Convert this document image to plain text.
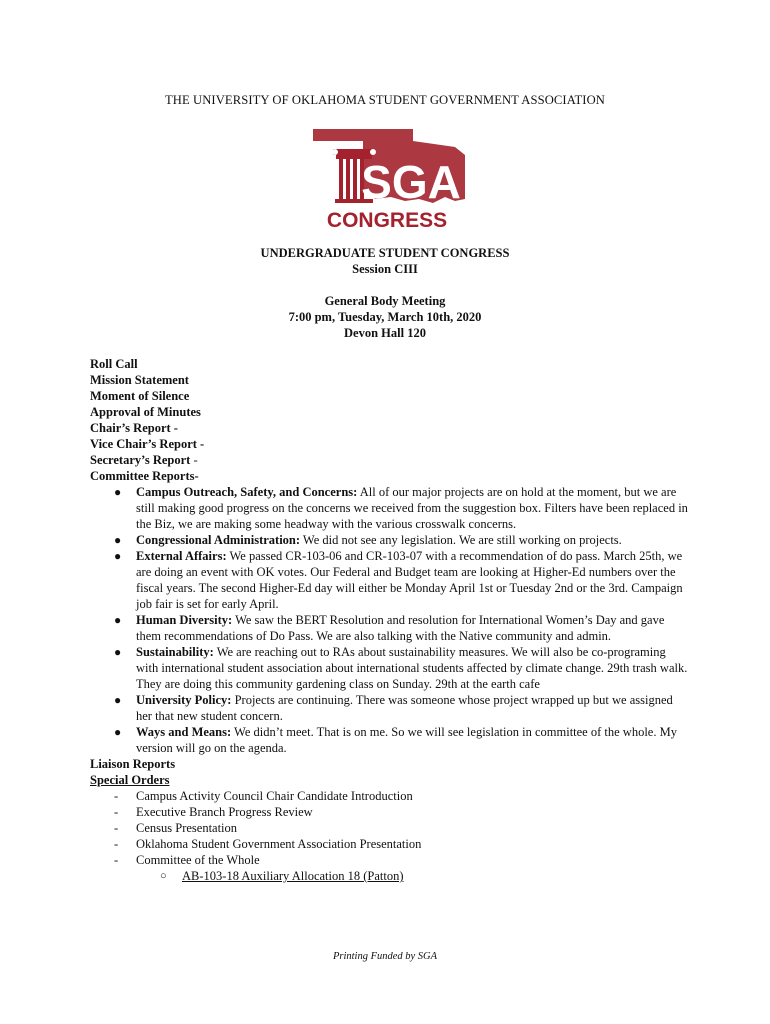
THE UNIVERSITY OF OKLAHOMA STUDENT GOVERNMENT ASSOCIATION
SGA
CONGRESS
UNDERGRADUATE STUDENT CONGRESS
Session CIII
General Body Meeting
7:00 pm, Tuesday, March 10th, 2020
Devon Hall 120
Roll Call
Mission Statement
Moment of Silence
Approval of Minutes
Chair’s Report -
Vice Chair’s Report -
Secretary’s Report -
Committee Reports-
● Campus Outreach, Safety, and Concerns: All of our major projects are on hold at the moment, but we are still making good progress on the concerns we received from the suggestion box. Filters have been replaced in the Biz, we are making some headway with the various crosswalk concerns.
● Congressional Administration: We did not see any legislation. We are still working on projects.
● External Affairs: We passed CR-103-06 and CR-103-07 with a recommendation of do pass. March 25th, we are doing an event with OK votes. Our Federal and Budget team are looking at Higher-Ed numbers over the fiscal years. The second Higher-Ed day will either be Monday April 1st or Tuesday 2nd or the 3rd. Campaign job fair is set for early April.
● Human Diversity: We saw the BERT Resolution and resolution for International Women’s Day and gave them recommendations of Do Pass. We are also talking with the Native community and admin.
● Sustainability: We are reaching out to RAs about sustainability measures. We will also be co-programing with international student association about international students affected by climate change. 29th trash walk. They are doing this community gardening class on Sunday. 29th at the earth cafe
● University Policy: Projects are continuing. There was someone whose project wrapped up but we assigned her that new student concern.
● Ways and Means: We didn’t meet. That is on me. So we will see legislation in committee of the whole. My version will go on the agenda.
Liaison Reports
Special Orders
- Campus Activity Council Chair Candidate Introduction
- Executive Branch Progress Review
- Census Presentation
- Oklahoma Student Government Association Presentation
- Committee of the Whole
○ AB-103-18 Auxiliary Allocation 18 (Patton)
Printing Funded by SGA
